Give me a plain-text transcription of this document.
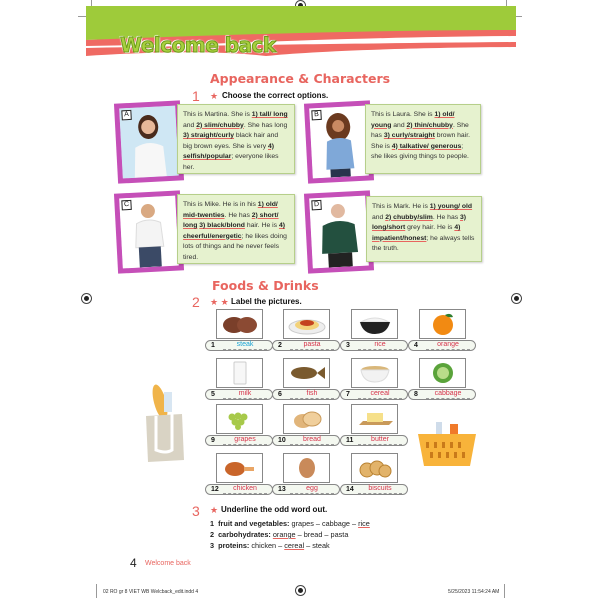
Welcome back
Appearance & Characters
1 ★ Choose the correct options.
A	This is Martina. She is 1) tall/ long and 2) slim/chubby. She has long 3) straight/curly black hair and big brown eyes. She is very 4) selfish/popular; everyone likes her.
B	This is Laura. She is 1) old/ young and 2) thin/chubby. She has 3) curly/straight brown hair. She is 4) talkative/ generous; she likes giving things to people.
C	This is Mike. He is in his 1) old/ mid-twenties. He has 2) short/ long 3) black/blond hair. He is 4) cheerful/energetic; he likes doing lots of things and he never feels tired.
D	This is Mark. He is 1) young/ old and 2) chubby/slim. He has 3) long/short grey hair. He is 4) impatient/honest; he always tells the truth.
Foods & Drinks
2 ★ ★ Label the pictures.
1	steak	2	pasta	3	rice	4	orange
5	milk	6	fish	7	cereal	8	cabbage
9	grapes	10	bread	11	butter
12	chicken	13	egg	14	biscuits
3 ★ Underline the odd word out.
1 fruit and vegetables: grapes – cabbage – rice
2 carbohydrates: orange – bread – pasta
3 proteins: chicken – cereal – steak
4 Welcome back
02 RO gr 8 VIET WB Welcback_edit.indd 4	5/25/2023 11:54:24 AM
